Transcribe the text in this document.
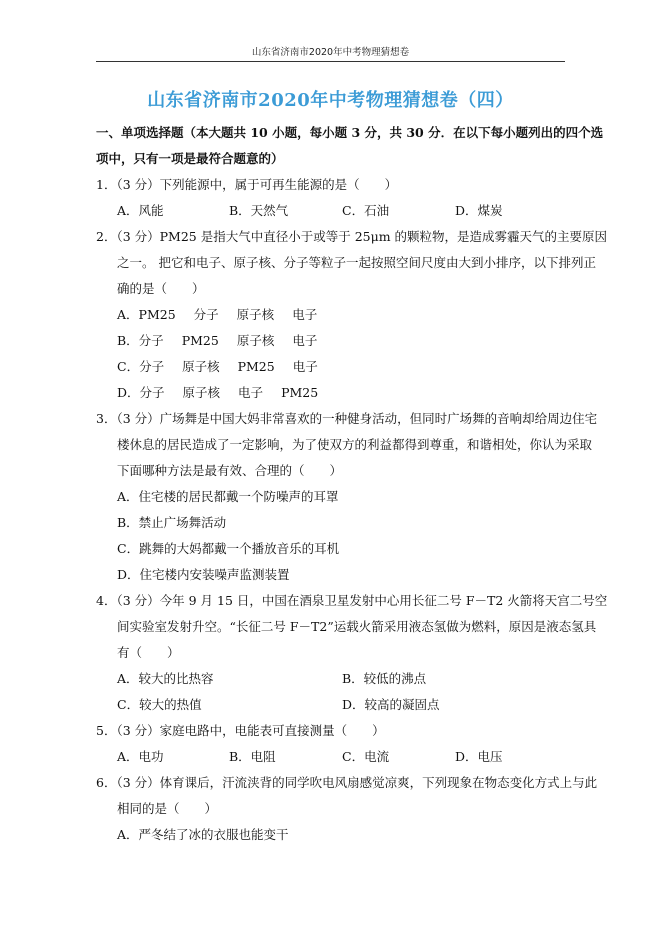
山东省济南市2020年中考物理猜想卷
山东省济南市2020年中考物理猜想卷（四）
一、单项选择题（本大题共 10 小题，每小题 3 分，共 30 分．在以下每小题列出的四个选
项中，只有一项是最符合题意的）
1．（3 分）下列能源中，属于可再生能源的是（　　）
A．风能	B．天然气	C．石油	D．煤炭
2．（3 分）PM25 是指大气中直径小于或等于 25μm 的颗粒物，是造成雾霾天气的主要原因
之一。 把它和电子、原子核、分子等粒子一起按照空间尺度由大到小排序，以下排列正
确的是（　　）
A．PM25 分子 原子核 电子
B．分子 PM25 原子核 电子
C．分子 原子核 PM25 电子
D．分子 原子核 电子 PM25
3．（3 分）广场舞是中国大妈非常喜欢的一种健身活动，但同时广场舞的音响却给周边住宅
楼休息的居民造成了一定影响，为了使双方的利益都得到尊重，和谐相处，你认为采取
下面哪种方法是最有效、合理的（　　）
A．住宅楼的居民都戴一个防噪声的耳罩
B．禁止广场舞活动
C．跳舞的大妈都戴一个播放音乐的耳机
D．住宅楼内安装噪声监测装置
4．（3 分）今年 9 月 15 日，中国在酒泉卫星发射中心用长征二号 F－T2 火箭将天宫二号空
间实验室发射升空。“长征二号 F－T2”运载火箭采用液态氢做为燃料，原因是液态氢具
有（　　）
A．较大的比热容	B．较低的沸点
C．较大的热值	D．较高的凝固点
5．（3 分）家庭电路中，电能表可直接测量（　　）
A．电功	B．电阻	C．电流	D．电压
6．（3 分）体育课后，汗流浃背的同学吹电风扇感觉凉爽，下列现象在物态变化方式上与此
相同的是（　　）
A．严冬结了冰的衣服也能变干
